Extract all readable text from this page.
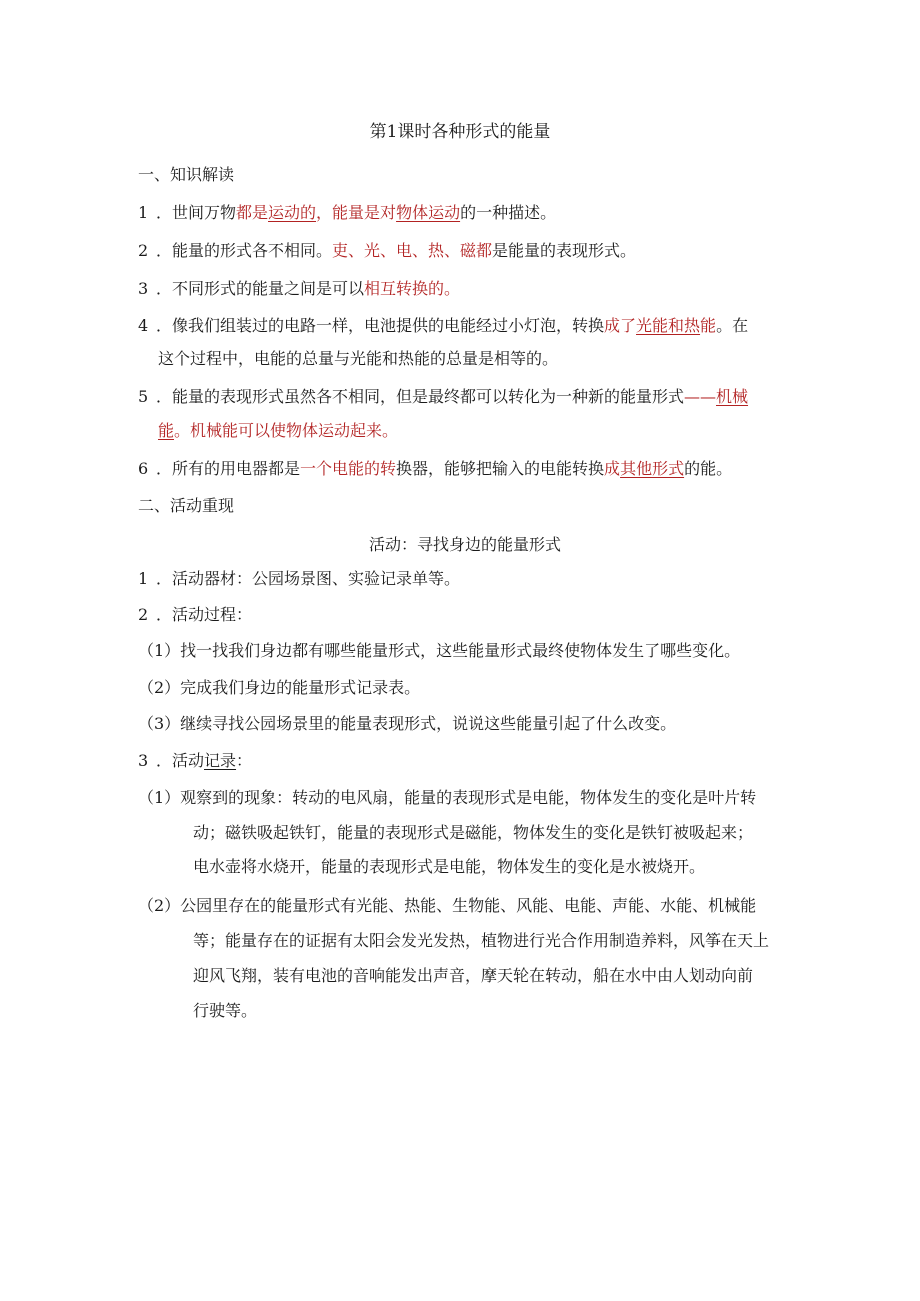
第1课时各种形式的能量
一、知识解读
1 ．世间万物都是运动的，能量是对物体运动的一种描述。
2 ．能量的形式各不相同。吏、光、电、热、磁都是能量的表现形式。
3 ．不同形式的能量之间是可以相互转换的。
4 ．像我们组装过的电路一样，电池提供的电能经过小灯泡，转换成了光能和热能。在
这个过程中，电能的总量与光能和热能的总量是相等的。
5 ．能量的表现形式虽然各不相同，但是最终都可以转化为一种新的能量形式——机械
能。机械能可以使物体运动起来。
6 ．所有的用电器都是一个电能的转换器，能够把输入的电能转换成其他形式的能。
二、活动重现
活动：寻找身边的能量形式
1 ．活动器材：公园场景图、实验记录单等。
2 ．活动过程：
（1）找一找我们身边都有哪些能量形式，这些能量形式最终使物体发生了哪些变化。
（2）完成我们身边的能量形式记录表。
（3）继续寻找公园场景里的能量表现形式，说说这些能量引起了什么改变。
3 ．活动记录：
（1）观察到的现象：转动的电风扇，能量的表现形式是电能，物体发生的变化是叶片转
动；磁铁吸起铁钉，能量的表现形式是磁能，物体发生的变化是铁钉被吸起来；
电水壶将水烧开，能量的表现形式是电能，物体发生的变化是水被烧开。
（2）公园里存在的能量形式有光能、热能、生物能、风能、电能、声能、水能、机械能
等；能量存在的证据有太阳会发光发热，植物进行光合作用制造养料，风筝在天上
迎风飞翔，装有电池的音响能发出声音，摩天轮在转动，船在水中由人划动向前
行驶等。
